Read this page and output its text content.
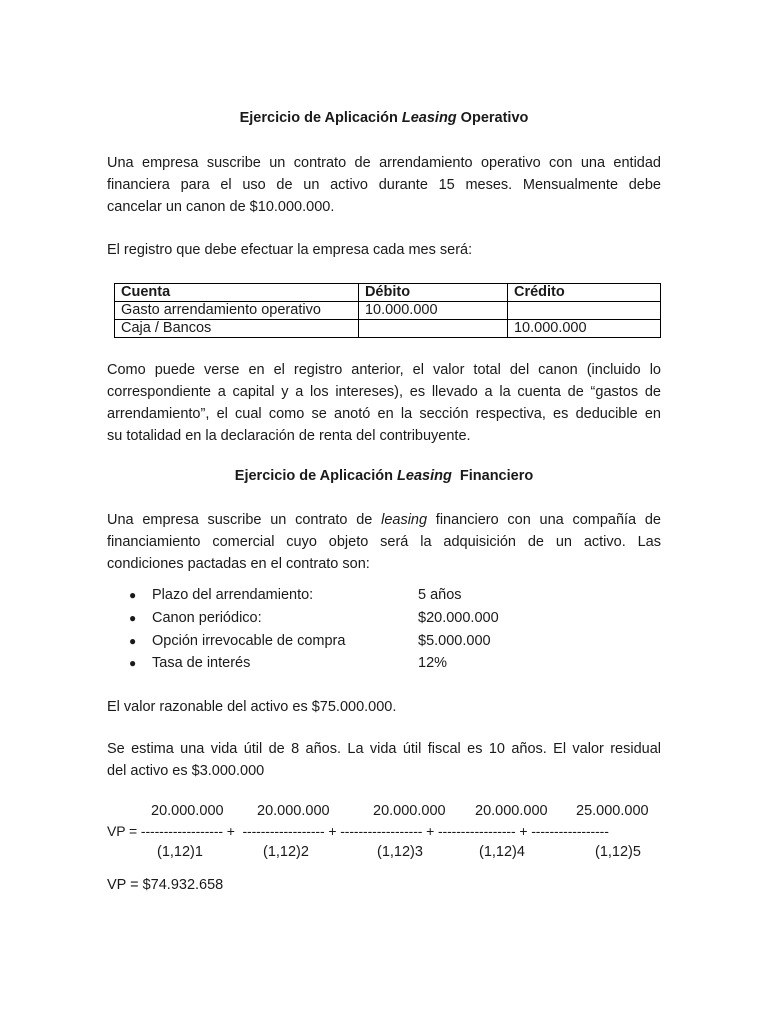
Ejercicio de Aplicación Leasing Operativo
Una empresa suscribe un contrato de arrendamiento operativo con una entidad
financiera para el uso de un activo durante 15 meses. Mensualmente debe
cancelar un canon de $10.000.000.
El registro que debe efectuar la empresa cada mes será:
Cuenta	Débito	Crédito
Gasto arrendamiento operativo	10.000.000	
Caja / Bancos		10.000.000
Como puede verse en el registro anterior, el valor total del canon (incluido lo
correspondiente a capital y a los intereses), es llevado a la cuenta de “gastos de
arrendamiento”, el cual como se anotó en la sección respectiva, es deducible en
su totalidad en la declaración de renta del contribuyente.
Ejercicio de Aplicación Leasing  Financiero
Una empresa suscribe un contrato de leasing financiero con una compañía de
financiamiento comercial cuyo objeto será la adquisición de un activo. Las
condiciones pactadas en el contrato son:
● Plazo del arrendamiento:	5 años
● Canon periódico:	$20.000.000
● Opción irrevocable de compra	$5.000.000
● Tasa de interés	12%
El valor razonable del activo es $75.000.000.
Se estima una vida útil de 8 años. La vida útil fiscal es 10 años. El valor residual
del activo es $3.000.000
20.000.000 20.000.000	20.000.000 20.000.000 25.000.000
VP = ------------------ +  ------------------ + ------------------ + ----------------- + -----------------
(1,12)1	(1,12)2	(1,12)3	(1,12)4	(1,12)5
VP = $74.932.658
